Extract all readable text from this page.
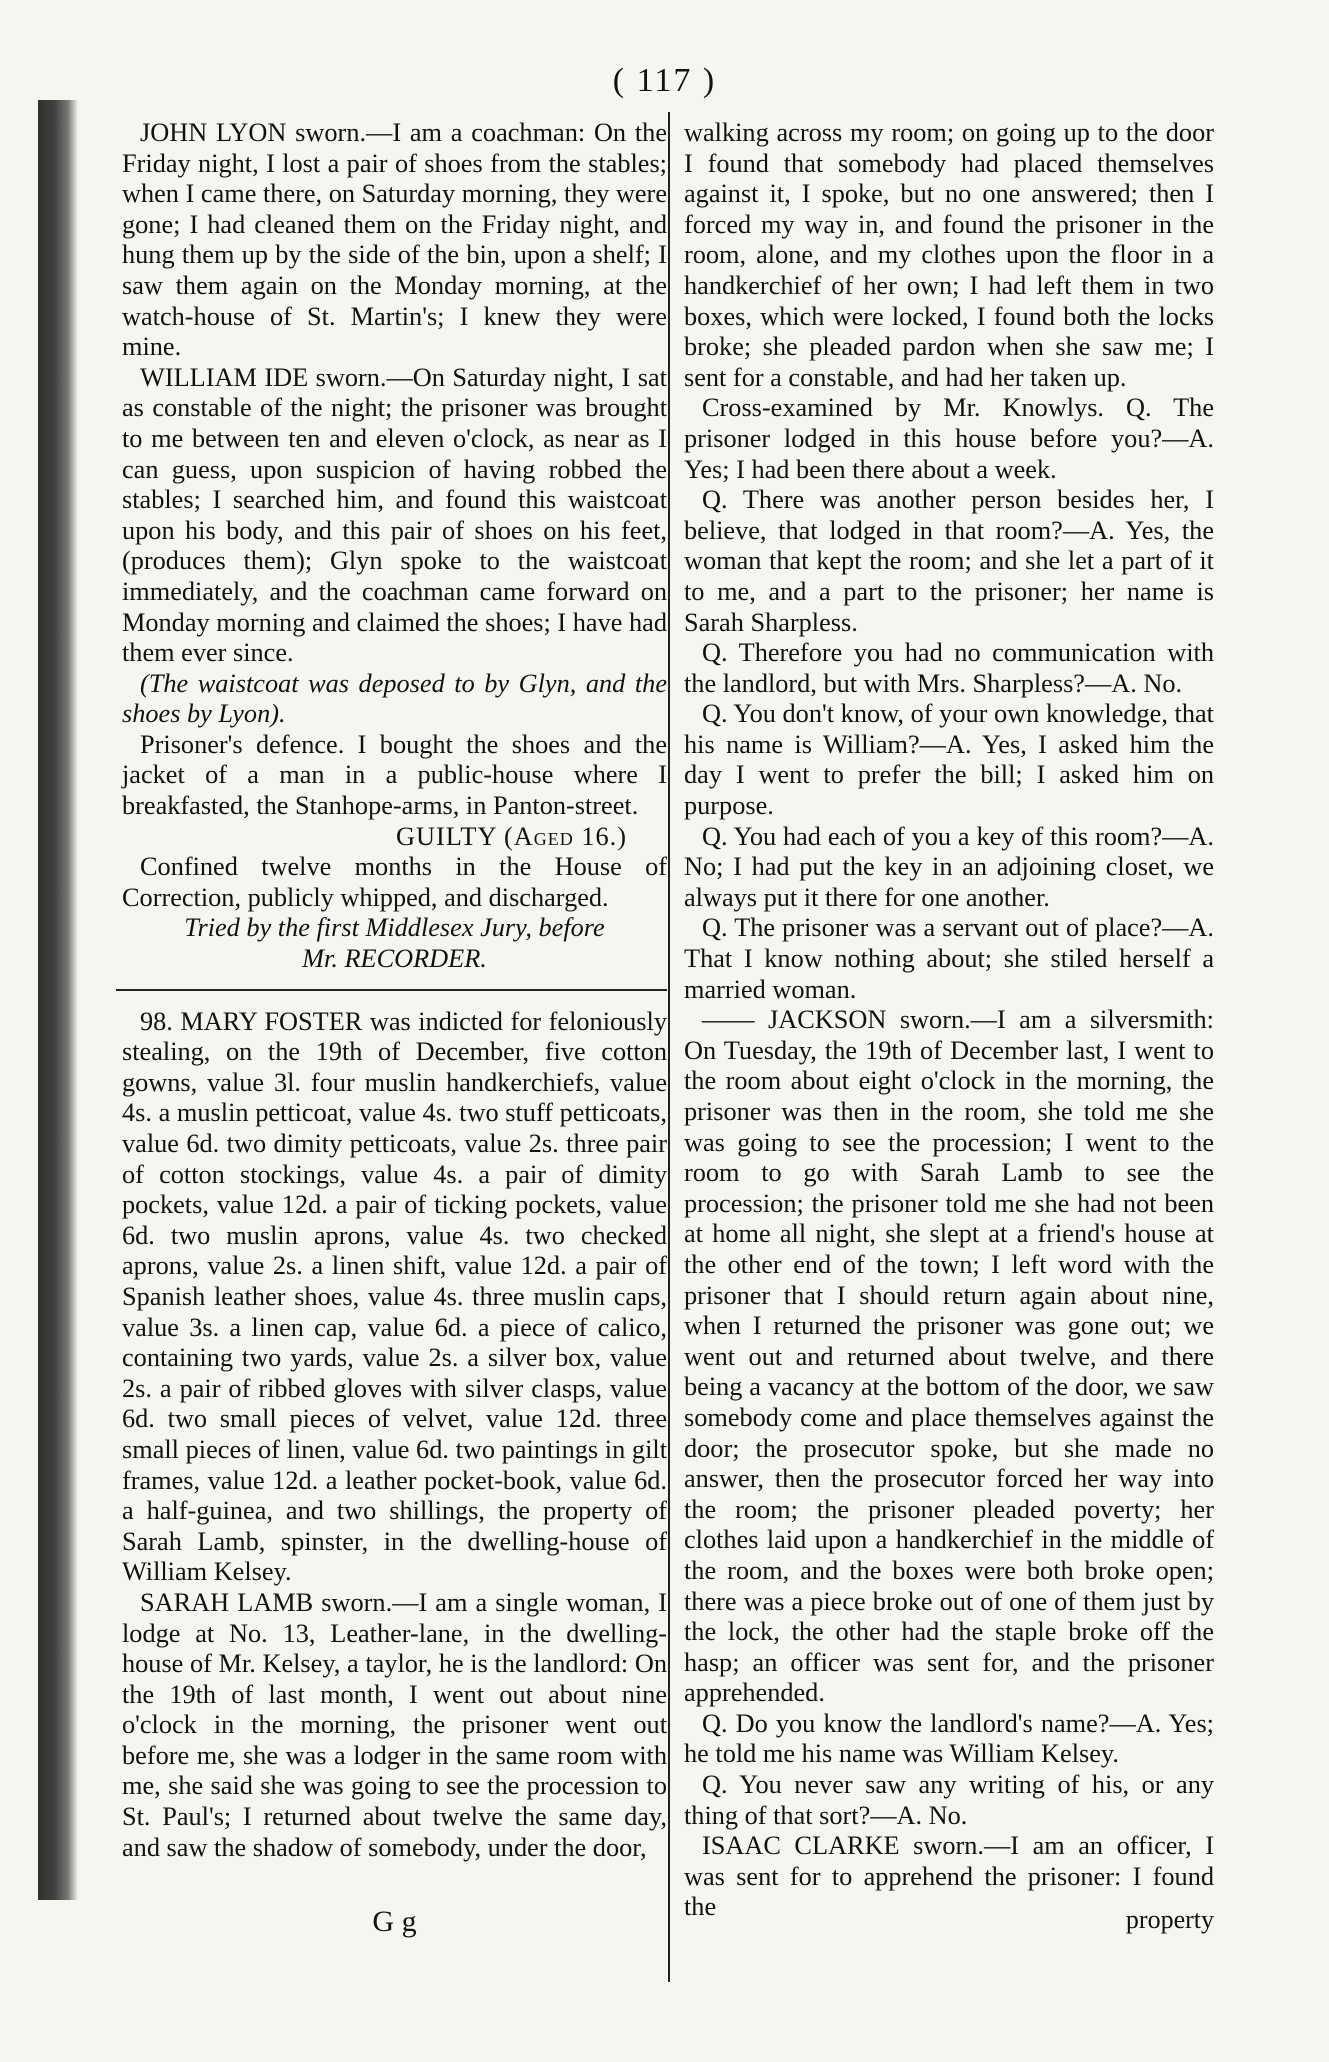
( 117 )

JOHN LYON sworn.—I am a coachman: On the Friday night, I lost a pair of shoes from the stables; when I came there, on Saturday morning, they were gone; I had cleaned them on the Friday night, and hung them up by the side of the bin, upon a shelf; I saw them again on the Monday morning, at the watch-house of St. Martin's; I knew they were mine.

WILLIAM IDE sworn.—On Saturday night, I sat as constable of the night; the prisoner was brought to me between ten and eleven o'clock, as near as I can guess, upon suspicion of having robbed the stables; I searched him, and found this waistcoat upon his body, and this pair of shoes on his feet, (produces them); Glyn spoke to the waistcoat immediately, and the coachman came forward on Monday morning and claimed the shoes; I have had them ever since.

(The waistcoat was deposed to by Glyn, and the shoes by Lyon).

Prisoner's defence. I bought the shoes and the jacket of a man in a public-house where I breakfasted, the Stanhope-arms, in Panton-street.

GUILTY (Aged 16.)

Confined twelve months in the House of Correction, publicly whipped, and discharged.

Tried by the first Middlesex Jury, before

Mr. RECORDER.

98. MARY FOSTER was indicted for feloniously stealing, on the 19th of December, five cotton gowns, value 3l. four muslin handkerchiefs, value 4s. a muslin petticoat, value 4s. two stuff petticoats, value 6d. two dimity petticoats, value 2s. three pair of cotton stockings, value 4s. a pair of dimity pockets, value 12d. a pair of ticking pockets, value 6d. two muslin aprons, value 4s. two checked aprons, value 2s. a linen shift, value 12d. a pair of Spanish leather shoes, value 4s. three muslin caps, value 3s. a linen cap, value 6d. a piece of calico, containing two yards, value 2s. a silver box, value 2s. a pair of ribbed gloves with silver clasps, value 6d. two small pieces of velvet, value 12d. three small pieces of linen, value 6d. two paintings in gilt frames, value 12d. a leather pocket-book, value 6d. a half-guinea, and two shillings, the property of Sarah Lamb, spinster, in the dwelling-house of William Kelsey.

SARAH LAMB sworn.—I am a single woman, I lodge at No. 13, Leather-lane, in the dwelling-house of Mr. Kelsey, a taylor, he is the landlord: On the 19th of last month, I went out about nine o'clock in the morning, the prisoner went out before me, she was a lodger in the same room with me, she said she was going to see the procession to St. Paul's; I returned about twelve the same day, and saw the shadow of somebody, under the door,

walking across my room; on going up to the door I found that somebody had placed themselves against it, I spoke, but no one answered; then I forced my way in, and found the prisoner in the room, alone, and my clothes upon the floor in a handkerchief of her own; I had left them in two boxes, which were locked, I found both the locks broke; she pleaded pardon when she saw me; I sent for a constable, and had her taken up.

Cross-examined by Mr. Knowlys. Q. The prisoner lodged in this house before you?—A. Yes; I had been there about a week.

Q. There was another person besides her, I believe, that lodged in that room?—A. Yes, the woman that kept the room; and she let a part of it to me, and a part to the prisoner; her name is Sarah Sharpless.

Q. Therefore you had no communication with the landlord, but with Mrs. Sharpless?—A. No.

Q. You don't know, of your own knowledge, that his name is William?—A. Yes, I asked him the day I went to prefer the bill; I asked him on purpose.

Q. You had each of you a key of this room?—A. No; I had put the key in an adjoining closet, we always put it there for one another.

Q. The prisoner was a servant out of place?—A. That I know nothing about; she stiled herself a married woman.

—— JACKSON sworn.—I am a silversmith: On Tuesday, the 19th of December last, I went to the room about eight o'clock in the morning, the prisoner was then in the room, she told me she was going to see the procession; I went to the room to go with Sarah Lamb to see the procession; the prisoner told me she had not been at home all night, she slept at a friend's house at the other end of the town; I left word with the prisoner that I should return again about nine, when I returned the prisoner was gone out; we went out and returned about twelve, and there being a vacancy at the bottom of the door, we saw somebody come and place themselves against the door; the prosecutor spoke, but she made no answer, then the prosecutor forced her way into the room; the prisoner pleaded poverty; her clothes laid upon a handkerchief in the middle of the room, and the boxes were both broke open; there was a piece broke out of one of them just by the lock, the other had the staple broke off the hasp; an officer was sent for, and the prisoner apprehended.

Q. Do you know the landlord's name?—A. Yes; he told me his name was William Kelsey.

Q. You never saw any writing of his, or any thing of that sort?—A. No.

ISAAC CLARKE sworn.—I am an officer, I was sent for to apprehend the prisoner: I found the

G g	property
